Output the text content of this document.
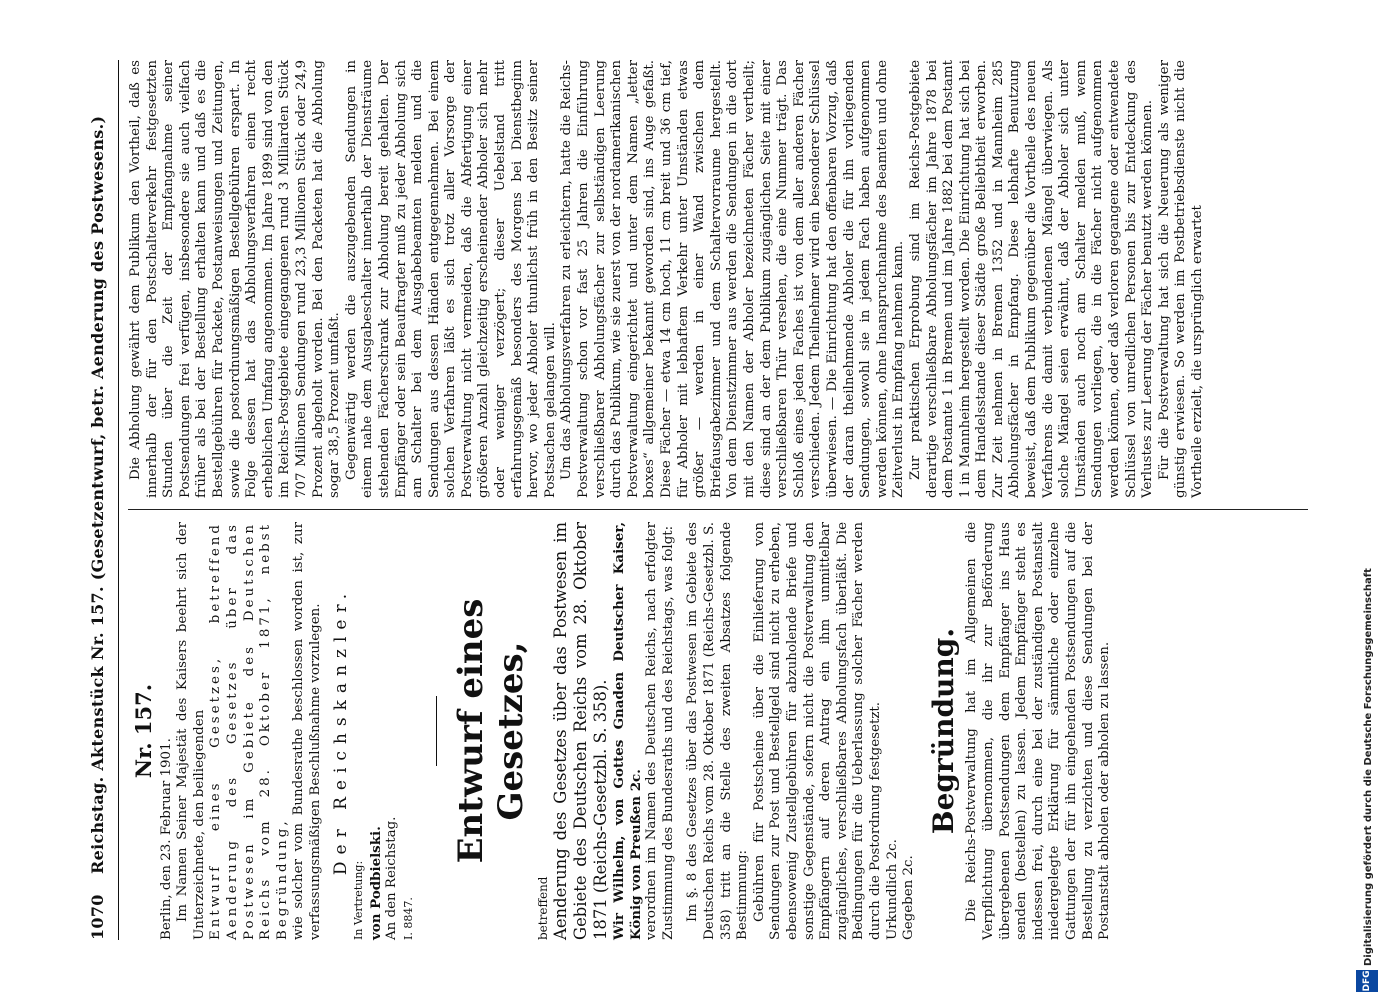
1070
Reichstag. Aktenstück Nr. 157. (Gesetzentwurf, betr. Aenderung des Postwesens.) Nr. 157.

Berlin, den 23. Februar 1901. Im Namen Seiner Majestät des Kaisers beehrt sich der Unterzeichnete, den beiliegenden Entwurf eines Gesetzes, betreffend Aenderung des Gesetzes über das Postwesen im Gebiete des Deutschen Reichs vom 28. Oktober 1871, nebst Begründung, wie solcher vom Bundesrathe beschlossen worden ist, zur verfassungsmäßigen Beschlußnahme vorzulegen. Der Reichskanzler.

In Vertretung: von Podbielski. An den Reichstag. I. 8847.

Entwurf eines Gesetzes,

betreffend Aenderung des Gesetzes über das Postwesen im Gebiete des Deutschen Reichs vom 28. Oktober 1871 (Reichs-Gesetzbl. S. 358). Wir Wilhelm, von Gottes Gnaden Deutscher Kaiser, König von Preußen 2c. verordnen im Namen des Deutschen Reichs, nach erfolgter Zustimmung des Bundesraths und des Reichstags, was folgt: Im §. 8 des Gesetzes über das Postwesen im Gebiete des Deutschen Reichs vom 28. Oktober 1871 (Reichs-Gesetzbl. S. 358) tritt an die Stelle des zweiten Absatzes folgende Bestimmung: Gebühren für Postscheine über die Einlieferung von Sendungen zur Post und Bestellgeld sind nicht zu erheben, ebensowenig Zustellgebühren für abzuholende Briefe und sonstige Gegenstände, sofern nicht die Postverwaltung den Empfängern auf deren Antrag ein ihm unmittelbar zugängliches, verschließbares Abholungsfach überläßt. Die Bedingungen für die Ueberlassung solcher Fächer werden durch die Postordnung festgesetzt. Urkundlich 2c. Gegeben 2c.

Begründung. Die Reichs-Postverwaltung hat im Allgemeinen die Verpflichtung übernommen, die ihr zur Beförderung übergebenen Postsendungen dem Empfänger ins Haus senden (bestellen) zu lassen. Jedem Empfänger steht es indessen frei, durch eine bei der zuständigen Postanstalt niedergelegte Erklärung für sämmtliche oder einzelne Gattungen der für ihn eingehenden Postsendungen auf die Bestellung zu verzichten und diese Sendungen bei der Postanstalt abholen oder abholen zu lassen.

Die Abholung gewährt dem Publikum den Vortheil, daß es innerhalb der für den Postschalterverkehr festgesetzten Stunden über die Zeit der Empfangnahme seiner Postsendungen frei verfügen, insbesondere sie auch vielfach früher als bei der Bestellung erhalten kann und daß es die Bestellgebühren für Packete, Postanweisungen und Zeitungen, sowie die postordnungsmäßigen Bestellgebühren erspart. In Folge dessen hat das Abholungsverfahren einen recht erheblichen Umfang angenommen. Im Jahre 1899 sind von den im Reichs-Postgebiete eingegangenen rund 3 Milliarden Stück 707 Millionen Sendungen rund 23,3 Millionen Stück oder 24,9 Prozent abgeholt worden. Bei den Packeten hat die Abholung sogar 38,5 Prozent umfaßt. Gegenwärtig werden die auszugebenden Sendungen in einem nahe dem Ausgabeschalter innerhalb der Diensträume stehenden Fächerschrank zur Abholung bereit gehalten. Der Empfänger oder sein Beauftragter muß zu jeder Abholung sich am Schalter bei dem Ausgabebeamten melden und die Sendungen aus dessen Händen entgegennehmen. Bei einem solchen Verfahren läßt es sich trotz aller Vorsorge der Postverwaltung nicht vermeiden, daß die Abfertigung einer größeren Anzahl gleichzeitig erscheinender Abholer sich mehr oder weniger verzögert; dieser Uebelstand tritt erfahrungsgemäß besonders des Morgens bei Dienstbeginn hervor, wo jeder Abholer thunlichst früh in den Besitz seiner Postsachen gelangen will. Um das Abholungsverfahren zu erleichtern, hatte die Reichs-Postverwaltung schon vor fast 25 Jahren die Einführung verschließbarer Abholungsfächer zur selbständigen Leerung durch das Publikum, wie sie zuerst von der nordamerikanischen Postverwaltung eingerichtet und unter dem Namen „letter boxes“ allgemeiner bekannt geworden sind, ins Auge gefaßt. Diese Fächer — etwa 14 cm hoch, 11 cm breit und 36 cm tief, für Abholer mit lebhaftem Verkehr unter Umständen etwas größer — werden in einer Wand zwischen dem Briefausgabezimmer und dem Schaltervorraume hergestellt. Von dem Dienstzimmer aus werden die Sendungen in die dort mit den Namen der Abholer bezeichneten Fächer vertheilt; diese sind an der dem Publikum zugänglichen Seite mit einer verschließbaren Thür versehen, die eine Nummer trägt. Das Schloß eines jeden Faches ist von dem aller anderen Fächer verschieden. Jedem Theilnehmer wird ein besonderer Schlüssel überwiesen. — Die Einrichtung hat den offenbaren Vorzug, daß der daran theilnehmende Abholer die für ihn vorliegenden Sendungen, sowohl sie in jedem Fach haben aufgenommen werden können, ohne Inanspruchnahme des Beamten und ohne Zeitverlust in Empfang nehmen kann. Zur praktischen Erprobung sind im Reichs-Postgebiete derartige verschließbare Abholungsfächer im Jahre 1878 bei dem Postamte 1 in Bremen und im Jahre 1882 bei dem Postamt 1 in Mannheim hergestellt worden. Die Einrichtung hat sich bei dem Handelsstande dieser Städte große Beliebtheit erworben. Zur Zeit nehmen in Bremen 1352 und in Mannheim 285 Abholungsfächer in Empfang. Diese lebhafte Benutzung beweist, daß dem Publikum gegenüber die Vortheile des neuen Verfahrens die damit verbundenen Mängel überwiegen. Als solche Mängel seien erwähnt, daß der Abholer sich unter Umständen auch noch am Schalter melden muß, wenn Sendungen vorliegen, die in die Fächer nicht aufgenommen werden können, oder daß verloren gegangene oder entwendete Schlüssel von unredlichen Personen bis zur Entdeckung des Verlustes zur Leerung der Fächer benutzt werden können. Für die Postverwaltung hat sich die Neuerung als weniger günstig erwiesen. So werden im Postbetriebsdienste nicht die Vortheile erzielt, die ursprünglich erwartet

DFG
Digitalisierung gefördert durch die Deutsche Forschungsgemeinschaft
